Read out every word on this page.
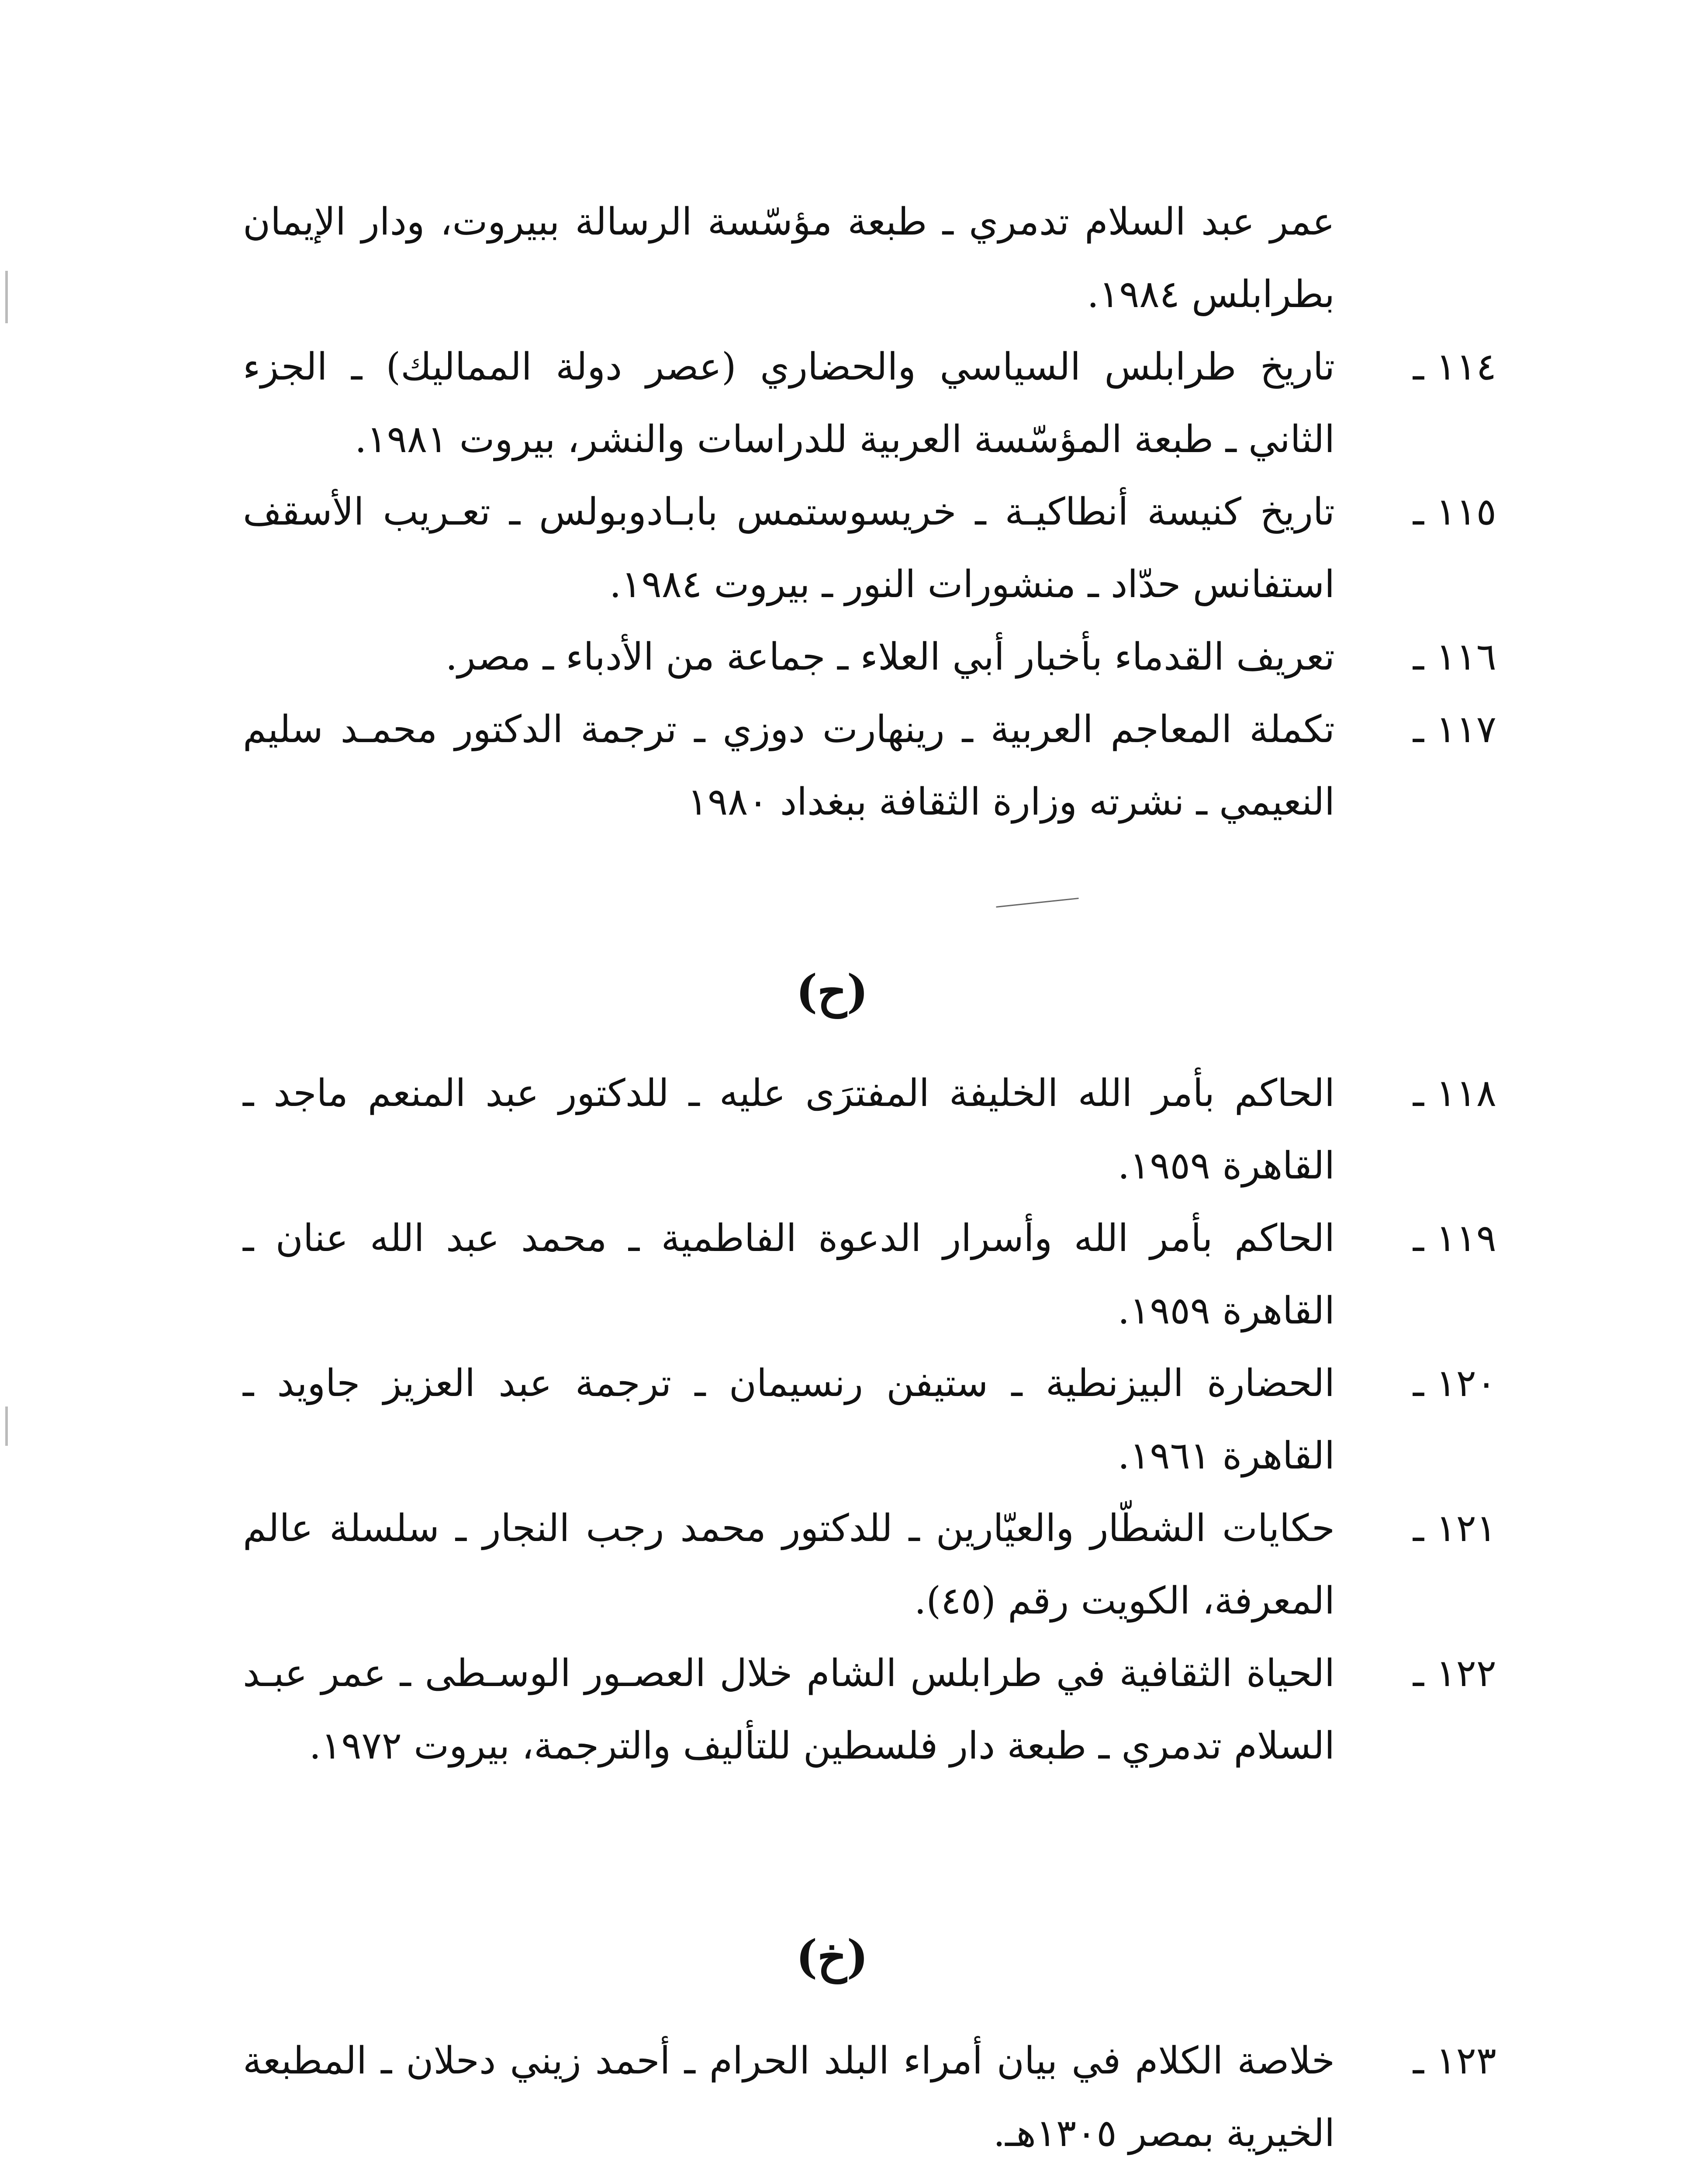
عمر عبد السلام تدمري ـ طبعة مؤسّسة الرسالة ببيروت، ودار الإيمان بطرابلس ١٩٨٤.

١١٤ ـ
تاريخ طرابلس السياسي والحضاري (عصر دولة المماليك) ـ الجزء الثاني ـ طبعة المؤسّسة العربية للدراسات والنشر، بيروت ١٩٨١.
١١٥ ـ
تاريخ كنيسة أنطاكيـة ـ خريسوستمس بابـادوبولس ـ تعـريب الأسقف استفانس حدّاد ـ منشورات النور ـ بيروت ١٩٨٤.
١١٦ ـ
تعريف القدماء بأخبار أبي العلاء ـ جماعة من الأدباء ـ مصر.
١١٧ ـ
تكملة المعاجم العربية ـ رينهارت دوزي ـ ترجمة الدكتور محمـد سليم النعيمي ـ نشرته وزارة الثقافة ببغداد ١٩٨٠
(ح)
١١٨ ـ
الحاكم بأمر الله الخليفة المفترَى عليه ـ للدكتور عبد المنعم ماجد ـ القاهرة ١٩٥٩.
١١٩ ـ
الحاكم بأمر الله وأسرار الدعوة الفاطمية ـ محمد عبد الله عنان ـ القاهرة ١٩٥٩.
١٢٠ ـ
الحضارة البيزنطية ـ ستيفن رنسيمان ـ ترجمة عبد العزيز جاويد ـ القاهرة ١٩٦١.
١٢١ ـ
حكايات الشطّار والعيّارين ـ للدكتور محمد رجب النجار ـ سلسلة عالم المعرفة، الكويت رقم (٤٥).
١٢٢ ـ
الحياة الثقافية في طرابلس الشام خلال العصـور الوسـطى ـ عمر عبـد السلام تدمري ـ طبعة دار فلسطين للتأليف والترجمة، بيروت ١٩٧٢.
(خ)
١٢٣ ـ
خلاصة الكلام في بيان أمراء البلد الحرام ـ أحمد زيني دحلان ـ المطبعة الخيرية بمصر ١٣٠٥هـ.
